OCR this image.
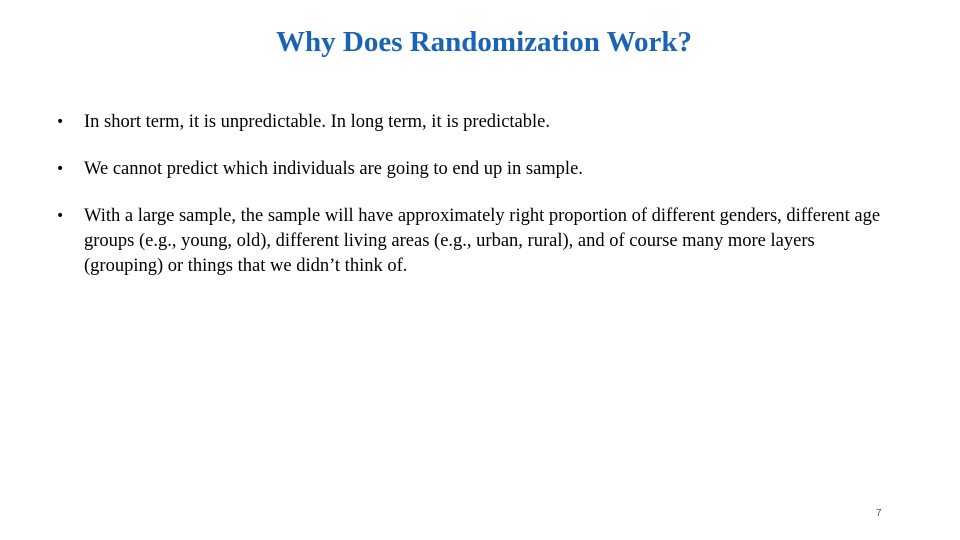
Why Does Randomization Work?
• In short term, it is unpredictable. In long term, it is predictable.
• We cannot predict which individuals are going to end up in sample.
• With a large sample, the sample will have approximately right proportion of different genders, different age groups (e.g., young, old), different living areas (e.g., urban, rural), and of course many more layers (grouping) or things that we didn’t think of.
7
